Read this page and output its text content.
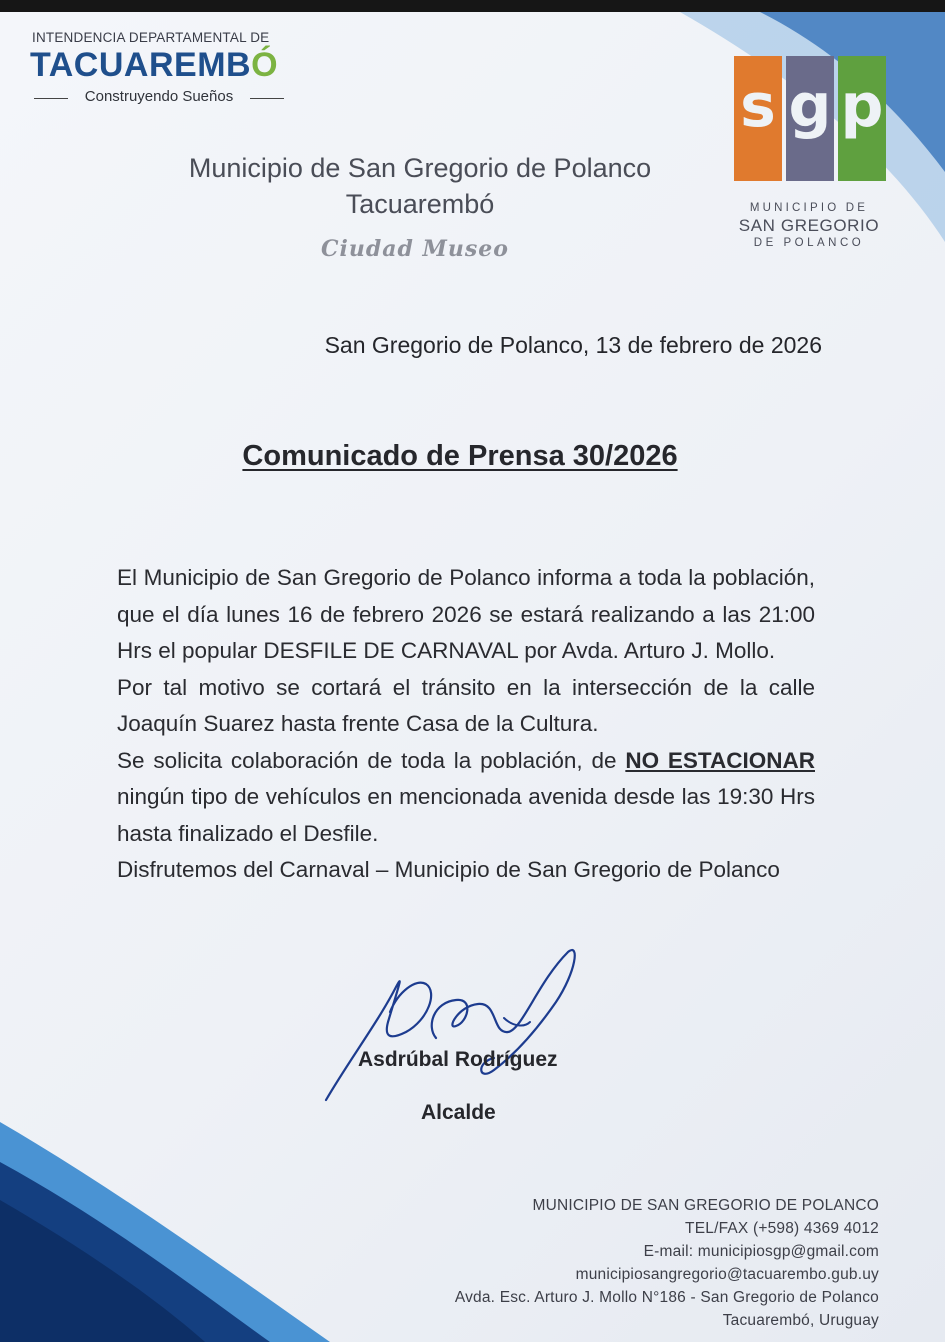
INTENDENCIA DEPARTAMENTAL DE
TACUAREMBÓ
Construyendo Sueños
Municipio de San Gregorio de Polanco
Tacuarembó
Ciudad Museo
s g p
MUNICIPIO DE
SAN GREGORIO
DE POLANCO
San Gregorio de Polanco, 13 de febrero de 2026
Comunicado de Prensa 30/2026

El Municipio de San Gregorio de Polanco informa a toda la población, que el día lunes 16 de febrero 2026 se estará realizando a las 21:00 Hrs el popular DESFILE DE CARNAVAL por Avda. Arturo J. Mollo.

Por tal motivo se cortará el tránsito en la intersección de la calle Joaquín Suarez hasta frente Casa de la Cultura.

Se solicita colaboración de toda la población, de NO ESTACIONAR ningún tipo de vehículos en mencionada avenida desde las 19:30 Hrs hasta finalizado el Desfile.

Disfrutemos del Carnaval – Municipio de San Gregorio de Polanco

Asdrúbal Rodríguez
Alcalde
MUNICIPIO DE SAN GREGORIO DE POLANCO
TEL/FAX (+598) 4369 4012
E-mail: municipiosgp@gmail.com
municipiosangregorio@tacuarembo.gub.uy
Avda. Esc. Arturo J. Mollo N°186 - San Gregorio de Polanco
Tacuarembó, Uruguay
